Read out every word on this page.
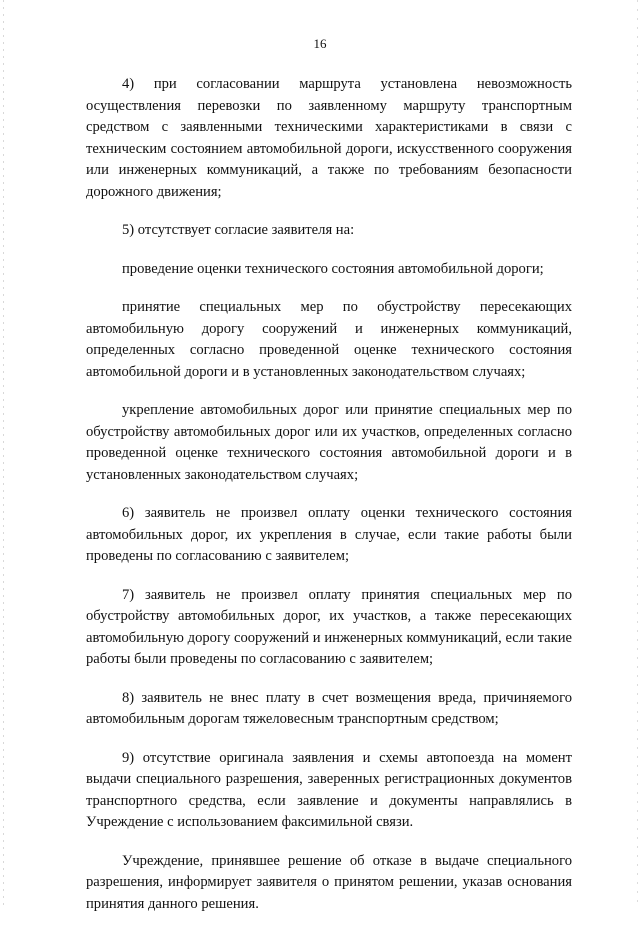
16

4) при согласовании маршрута установлена невозможность осуществления перевозки по заявленному маршруту транспортным средством с заявленными техническими характеристиками в связи с техническим состоянием автомобильной дороги, искусственного сооружения или инженерных коммуникаций, а также по требованиям безопасности дорожного движения;

5) отсутствует согласие заявителя на:

проведение оценки технического состояния автомобильной дороги;

принятие специальных мер по обустройству пересекающих автомобильную дорогу сооружений и инженерных коммуникаций, определенных согласно проведенной оценке технического состояния автомобильной дороги и в установленных законодательством случаях;

укрепление автомобильных дорог или принятие специальных мер по обустройству автомобильных дорог или их участков, определенных согласно проведенной оценке технического состояния автомобильной дороги и в установленных законодательством случаях;

6) заявитель не произвел оплату оценки технического состояния автомобильных дорог, их укрепления в случае, если такие работы были проведены по согласованию с заявителем;

7) заявитель не произвел оплату принятия специальных мер по обустройству автомобильных дорог, их участков, а также пересекающих автомобильную дорогу сооружений и инженерных коммуникаций, если такие работы были проведены по согласованию с заявителем;

8) заявитель не внес плату в счет возмещения вреда, причиняемого автомобильным дорогам тяжеловесным транспортным средством;

9) отсутствие оригинала заявления и схемы автопоезда на момент выдачи специального разрешения, заверенных регистрационных документов транспортного средства, если заявление и документы направлялись в Учреждение с использованием факсимильной связи.

Учреждение, принявшее решение об отказе в выдаче специального разрешения, информирует заявителя о принятом решении, указав основания принятия данного решения.
